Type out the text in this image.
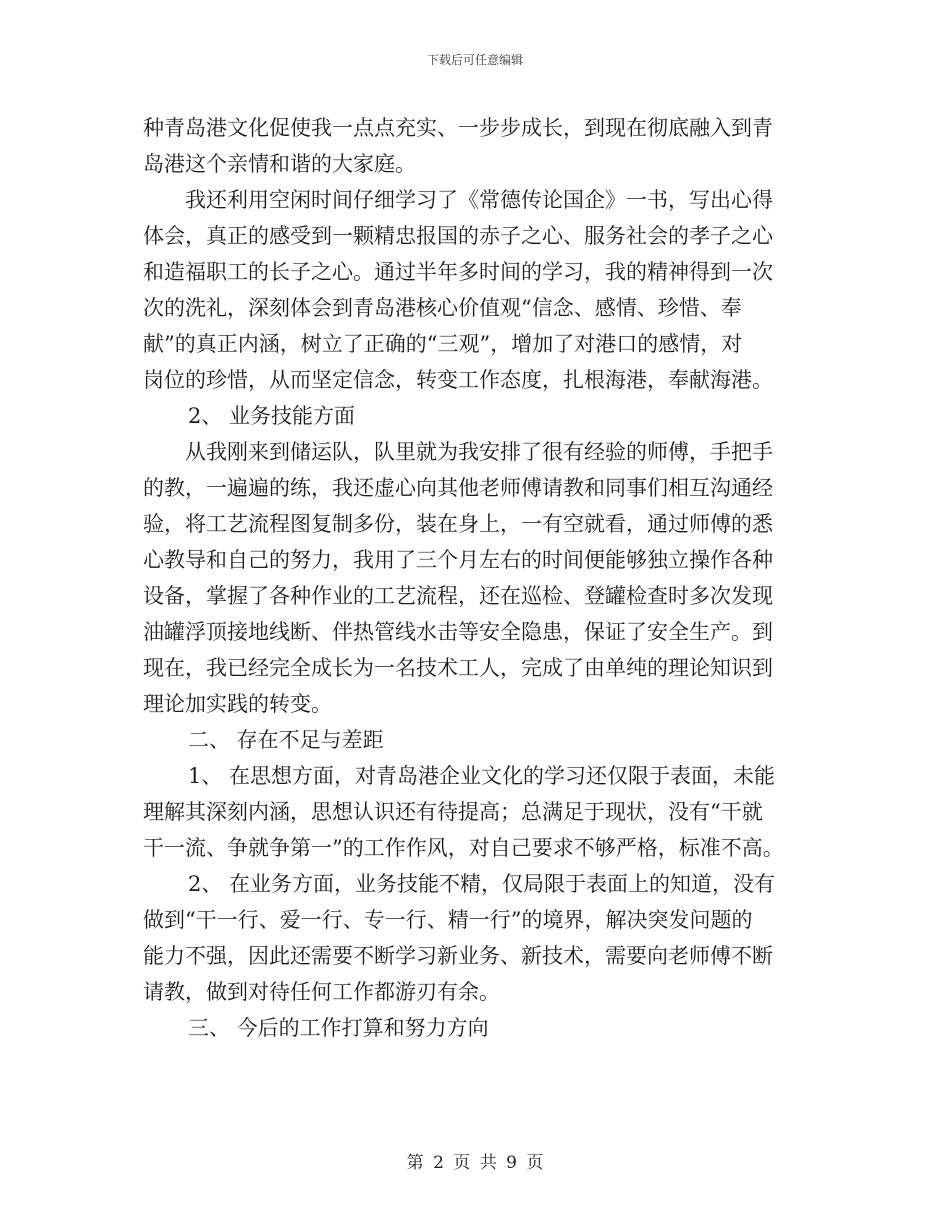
下载后可任意编辑
种青岛港文化促使我一点点充实、一步步成长，到现在彻底融入到青
岛港这个亲情和谐的大家庭。
我还利用空闲时间仔细学习了《常德传论国企》一书，写出心得
体会，真正的感受到一颗精忠报国的赤子之心、服务社会的孝子之心
和造福职工的长子之心。通过半年多时间的学习，我的精神得到一次
次的洗礼，深刻体会到青岛港核心价值观“信念、感情、珍惜、奉
献”的真正内涵，树立了正确的“三观”，增加了对港口的感情，对
岗位的珍惜，从而坚定信念，转变工作态度，扎根海港，奉献海港。
2、 业务技能方面
从我刚来到储运队，队里就为我安排了很有经验的师傅，手把手
的教，一遍遍的练，我还虚心向其他老师傅请教和同事们相互沟通经
验，将工艺流程图复制多份，装在身上，一有空就看，通过师傅的悉
心教导和自己的努力，我用了三个月左右的时间便能够独立操作各种
设备，掌握了各种作业的工艺流程，还在巡检、登罐检查时多次发现
油罐浮顶接地线断、伴热管线水击等安全隐患，保证了安全生产。到
现在，我已经完全成长为一名技术工人，完成了由单纯的理论知识到
理论加实践的转变。
二、 存在不足与差距
1、 在思想方面，对青岛港企业文化的学习还仅限于表面，未能
理解其深刻内涵，思想认识还有待提高；总满足于现状，没有“干就
干一流、争就争第一”的工作作风，对自己要求不够严格，标准不高。
2、 在业务方面，业务技能不精，仅局限于表面上的知道，没有
做到“干一行、爱一行、专一行、精一行”的境界，解决突发问题的
能力不强，因此还需要不断学习新业务、新技术，需要向老师傅不断
请教，做到对待任何工作都游刃有余。
三、 今后的工作打算和努力方向
第 2 页 共 9 页
